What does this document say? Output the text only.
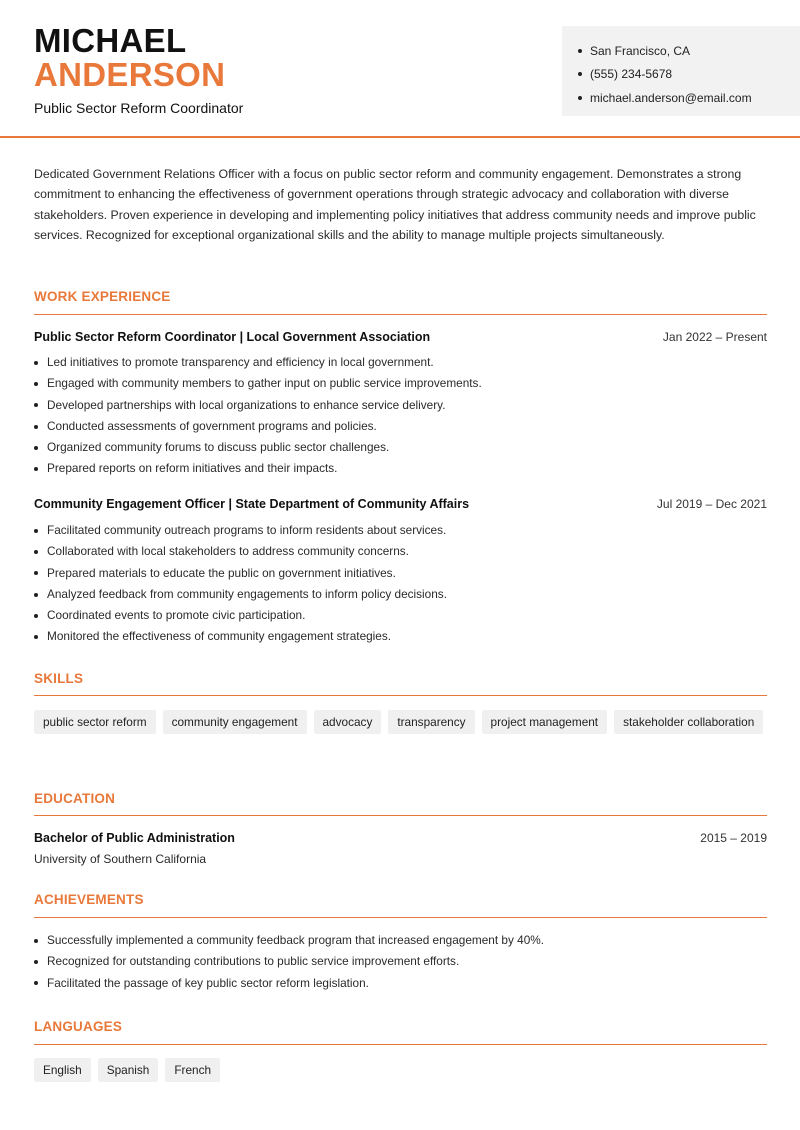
MICHAEL
ANDERSON
Public Sector Reform Coordinator
San Francisco, CA
(555) 234-5678
michael.anderson@email.com
Dedicated Government Relations Officer with a focus on public sector reform and community engagement. Demonstrates a strong commitment to enhancing the effectiveness of government operations through strategic advocacy and collaboration with diverse stakeholders. Proven experience in developing and implementing policy initiatives that address community needs and improve public services. Recognized for exceptional organizational skills and the ability to manage multiple projects simultaneously.
WORK EXPERIENCE
Public Sector Reform Coordinator | Local Government Association	Jan 2022 – Present
Led initiatives to promote transparency and efficiency in local government.
Engaged with community members to gather input on public service improvements.
Developed partnerships with local organizations to enhance service delivery.
Conducted assessments of government programs and policies.
Organized community forums to discuss public sector challenges.
Prepared reports on reform initiatives and their impacts.
Community Engagement Officer | State Department of Community Affairs	Jul 2019 – Dec 2021
Facilitated community outreach programs to inform residents about services.
Collaborated with local stakeholders to address community concerns.
Prepared materials to educate the public on government initiatives.
Analyzed feedback from community engagements to inform policy decisions.
Coordinated events to promote civic participation.
Monitored the effectiveness of community engagement strategies.
SKILLS
public sector reform	community engagement	advocacy	transparency	project management	stakeholder collaboration
EDUCATION
Bachelor of Public Administration	2015 – 2019
University of Southern California
ACHIEVEMENTS
Successfully implemented a community feedback program that increased engagement by 40%.
Recognized for outstanding contributions to public service improvement efforts.
Facilitated the passage of key public sector reform legislation.
LANGUAGES
English	Spanish	French
